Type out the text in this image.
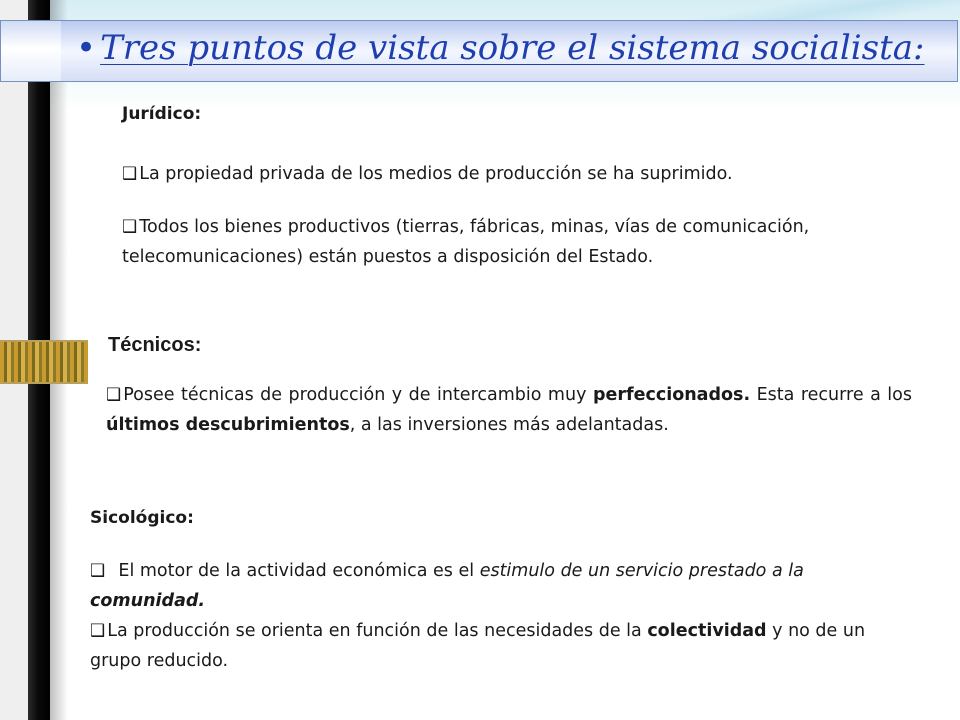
• Tres puntos de vista sobre el sistema socialista:
Jurídico:
❑ La propiedad privada de los medios de producción se ha suprimido.
❑ Todos los bienes productivos (tierras, fábricas, minas, vías de comunicación, telecomunicaciones) están puestos a disposición del Estado.
Técnicos:
❑ Posee técnicas de producción y de intercambio muy perfeccionados. Esta recurre a los últimos descubrimientos, a las inversiones más adelantadas.
Sicológico:
❑ El motor de la actividad económica es el estimulo de un servicio prestado a la comunidad.
❑ La producción se orienta en función de las necesidades de la colectividad y no de un grupo reducido.
